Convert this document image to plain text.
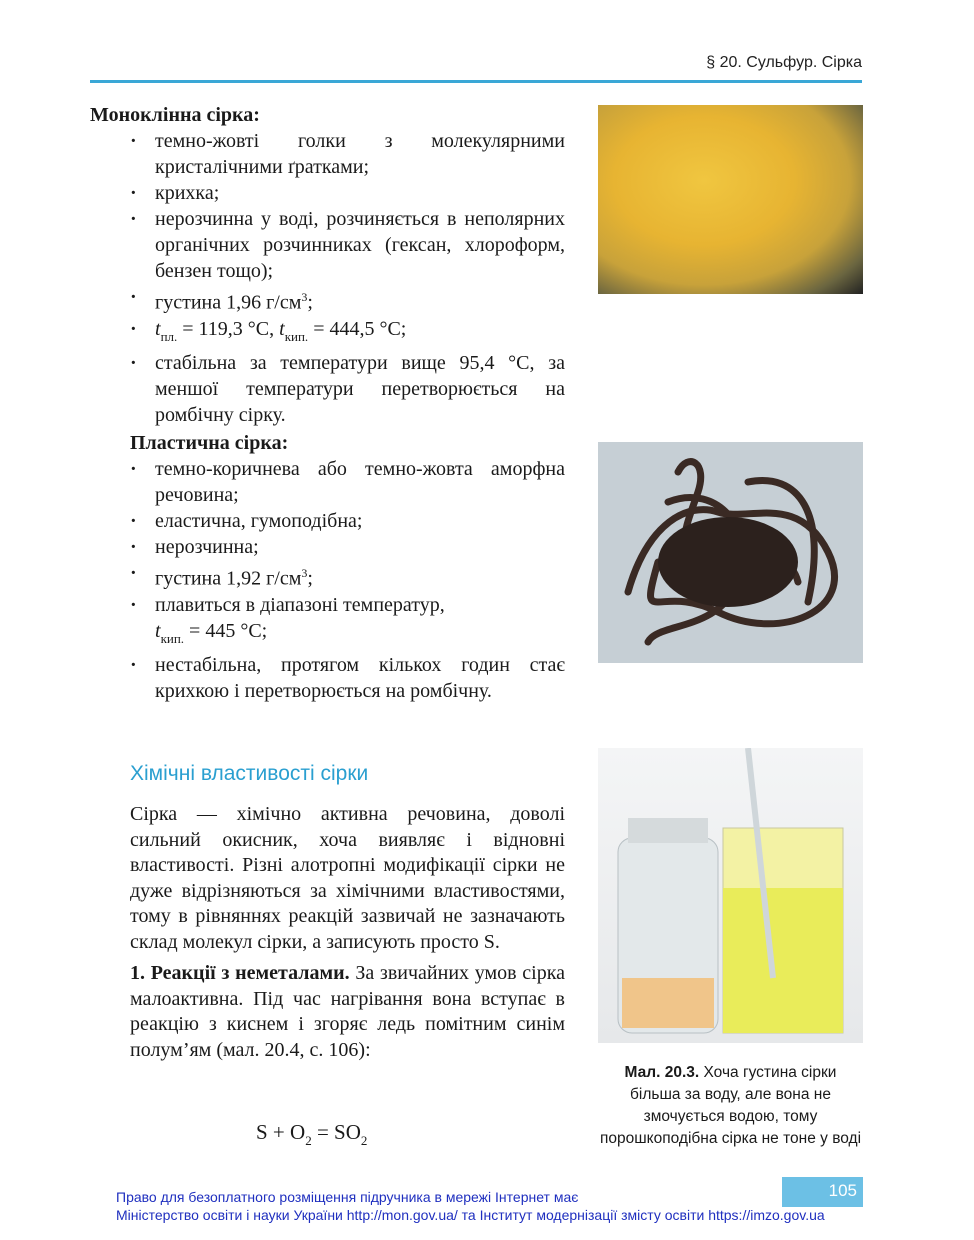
§ 20. Сульфур. Сірка
Моноклінна сірка:
· темно-жовті голки з молекулярними кристалічними ґратками;
· крихка;
· нерозчинна у воді, розчиняється в неполярних органічних розчинниках (гексан, хлороформ, бензен тощо);
· густина 1,96 $г/см^3$;
· $t_{пл.} = 119,3$ °С, $t_{кип.} = 444,5$ °С;
· стабільна за температури вище 95,4 °С, за меншої температури перетворюється на ромбічну сірку.
Пластична сірка:
· темно-коричнева або темно-жовта аморфна речовина;
· еластична, гумоподібна;
· нерозчинна;
· густина 1,92 $г/см^3$;
· плавиться в діапазоні температур,
$t_{кип.} = 445$ °С;
· нестабільна, протягом кількох годин стає крихкою і перетворюється на ромбічну.
Хімічні властивості сірки

Сірка — хімічно активна речовина, доволі сильний окисник, хоча виявляє і відновні властивості. Різні алотропні модифікації сірки не дуже відрізняються за хімічними властивостями, тому в рівняннях реакцій зазвичай не зазначають склад молекул сірки, а записують просто S.

1. Реакції з неметалами. За звичайних умов сірка малоактивна. Під час нагрівання вона вступає в реакцію з киснем і згоряє ледь помітним синім полум’ям (мал. 20.4, с. 106):

$S + O_2 = SO_2$
Мал. 20.3. Хоча густина сірки більша за воду, але вона не змочується водою, тому порошкоподібна сірка не тоне у воді
105
Право для безоплатного розміщення підручника в мережі Інтернет має
Міністерство освіти і науки України http://mon.gov.ua/ та Інститут модернізації змісту освіти https://imzo.gov.ua
